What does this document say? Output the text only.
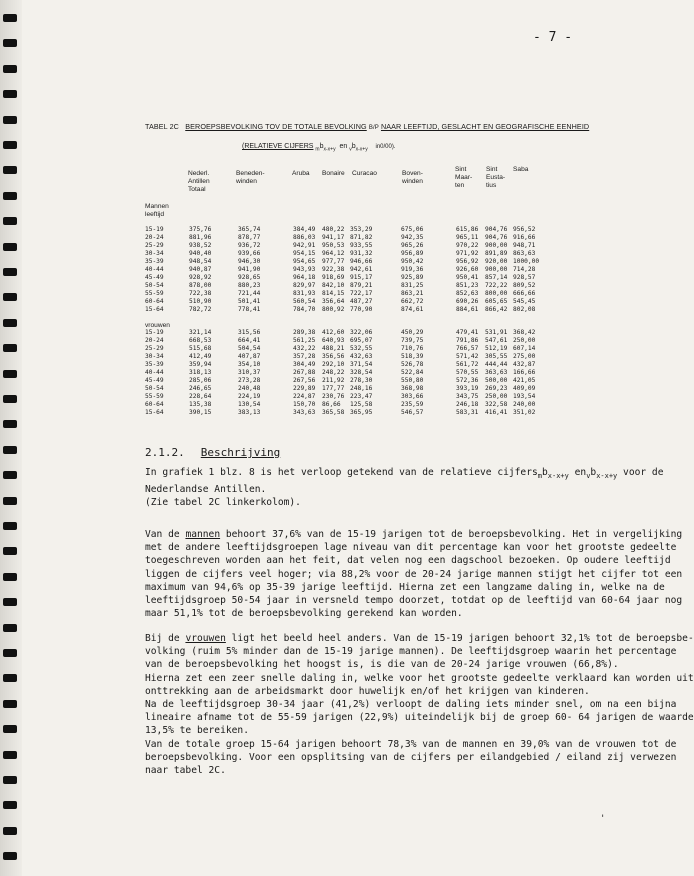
- 7 -
TABEL 2C BEROEPSBEVOLKING TOV DE TOTALE BEVOLKING B/P NAAR LEEFTIJD, GESLACHT EN GEOGRAFISCHE EENHEID
(RELATIEVE CIJFERS $_mb_{x-x+y}$ en $_vb_{x-x+y}$ in0/00).
Nederl.
Antillen
Totaal
Beneden-
winden
Aruba Bonaire Curacao	Boven-
winden
Sint
Maar-
ten
Sint
Eusta-
tius
Saba
Mannen
leeftijd
15-19	375,76	365,74	384,49 480,22 353,29	675,06	615,86 904,76 956,52
20-24	881,96	878,77	886,03 941,17 871,82	942,35	965,11 904,76 916,66
25-29	938,52	936,72	942,91 950,53 933,55	965,26	970,22 900,00 948,71
30-34	940,40	939,66	954,15 964,12 931,32	956,89	971,92 891,89 863,63
35-39	948,54	946,30	954,65 977,77 946,66	950,42	956,92 920,00 1000,00
40-44	940,87	941,90	943,93 922,38 942,61	919,36	926,60 900,00 714,28
45-49	928,92	928,65	964,18 918,69 915,17	925,89	950,41 857,14 928,57
50-54	878,00	880,23	829,97 842,10 879,21	831,25	851,23 722,22 809,52
55-59	722,38	721,44	831,93 814,15 722,17	863,21	852,63 800,00 666,66
60-64	510,90	501,41	560,54 356,64 487,27	662,72	690,26 605,65 545,45
15-64	782,72	778,41	784,70 800,92 770,90	874,61	884,61 866,42 802,08
vrouwen
15-19	321,14	315,56	289,38 412,60 322,06	450,29	479,41 531,91 368,42
20-24	668,53	664,41	561,25 640,93 695,07	739,75	791,86 547,61 250,00
25-29	515,68	504,54	432,22 488,21 532,55	710,76	766,57 512,19 607,14
30-34	412,49	407,87	357,28 356,56 432,63	518,39	571,42 305,55 275,00
35-39	359,94	354,10	304,49 292,10 371,54	526,78	561,72 444,44 432,87
40-44	318,13	310,37	267,88 248,22 328,54	522,84	570,55 363,63 166,66
45-49	285,06	273,28	267,56 211,92 278,30	550,80	572,36 500,00 421,05
50-54	246,65	240,48	229,89 177,77 248,16	368,98	393,19 269,23 409,09
55-59	228,64	224,19	224,87 230,76 223,47	303,66	343,75 250,00 193,54
60-64	135,38	130,54	150,70 86,66 125,58	235,59	246,18 322,58 240,00
15-64	390,15	383,13	343,63 365,58 365,95	546,57	583,31 416,41 351,02
2.1.2. Beschrijving

In grafiek 1 blz. 8 is het verloop getekend van de relatieve $cijfers_mb_{x-x+y}$ $en_vb_{x-x+y}$ voor de

Nederlandse Antillen.

(Zie tabel 2C linkerkolom).

Van de mannen behoort 37,6% van de 15-19 jarigen tot de beroepsbevolking. Het in vergelijking

met de andere leeftijdsgroepen lage niveau van dit percentage kan voor het grootste gedeelte

toegeschreven worden aan het feit, dat velen nog een dagschool bezoeken. Op oudere leeftijd

liggen de cijfers veel hoger; via 88,2% voor de 20-24 jarige mannen stijgt het cijfer tot een

maximum van 94,6% op 35-39 jarige leeftijd. Hierna zet een langzame daling in, welke na de

leeftijdsgroep 50-54 jaar in versneld tempo doorzet, totdat op de leeftijd van 60-64 jaar nog

maar 51,1% tot de beroepsbevolking gerekend kan worden.

Bij de vrouwen ligt het beeld heel anders. Van de 15-19 jarigen behoort 32,1% tot de beroepsbe-

volking (ruim 5% minder dan de 15-19 jarige mannen). De leeftijdsgroep waarin het percentage

van de beroepsbevolking het hoogst is, is die van de 20-24 jarige vrouwen (66,8%).

Hierna zet een zeer snelle daling in, welke voor het grootste gedeelte verklaard kan worden uit

onttrekking aan de arbeidsmarkt door huwelijk en/of het krijgen van kinderen.

Na de leeftijdsgroep 30-34 jaar (41,2%) verloopt de daling iets minder snel, om na een bijna

lineaire afname tot de 55-59 jarigen (22,9%) uiteindelijk bij de groep 60- 64 jarigen de waarde

13,5% te bereiken.

Van de totale groep 15-64 jarigen behoort 78,3% van de mannen en 39,0% van de vrouwen tot de

beroepsbevolking. Voor een opsplitsing van de cijfers per eilandgebied / eiland zij verwezen

naar tabel 2C.

'
